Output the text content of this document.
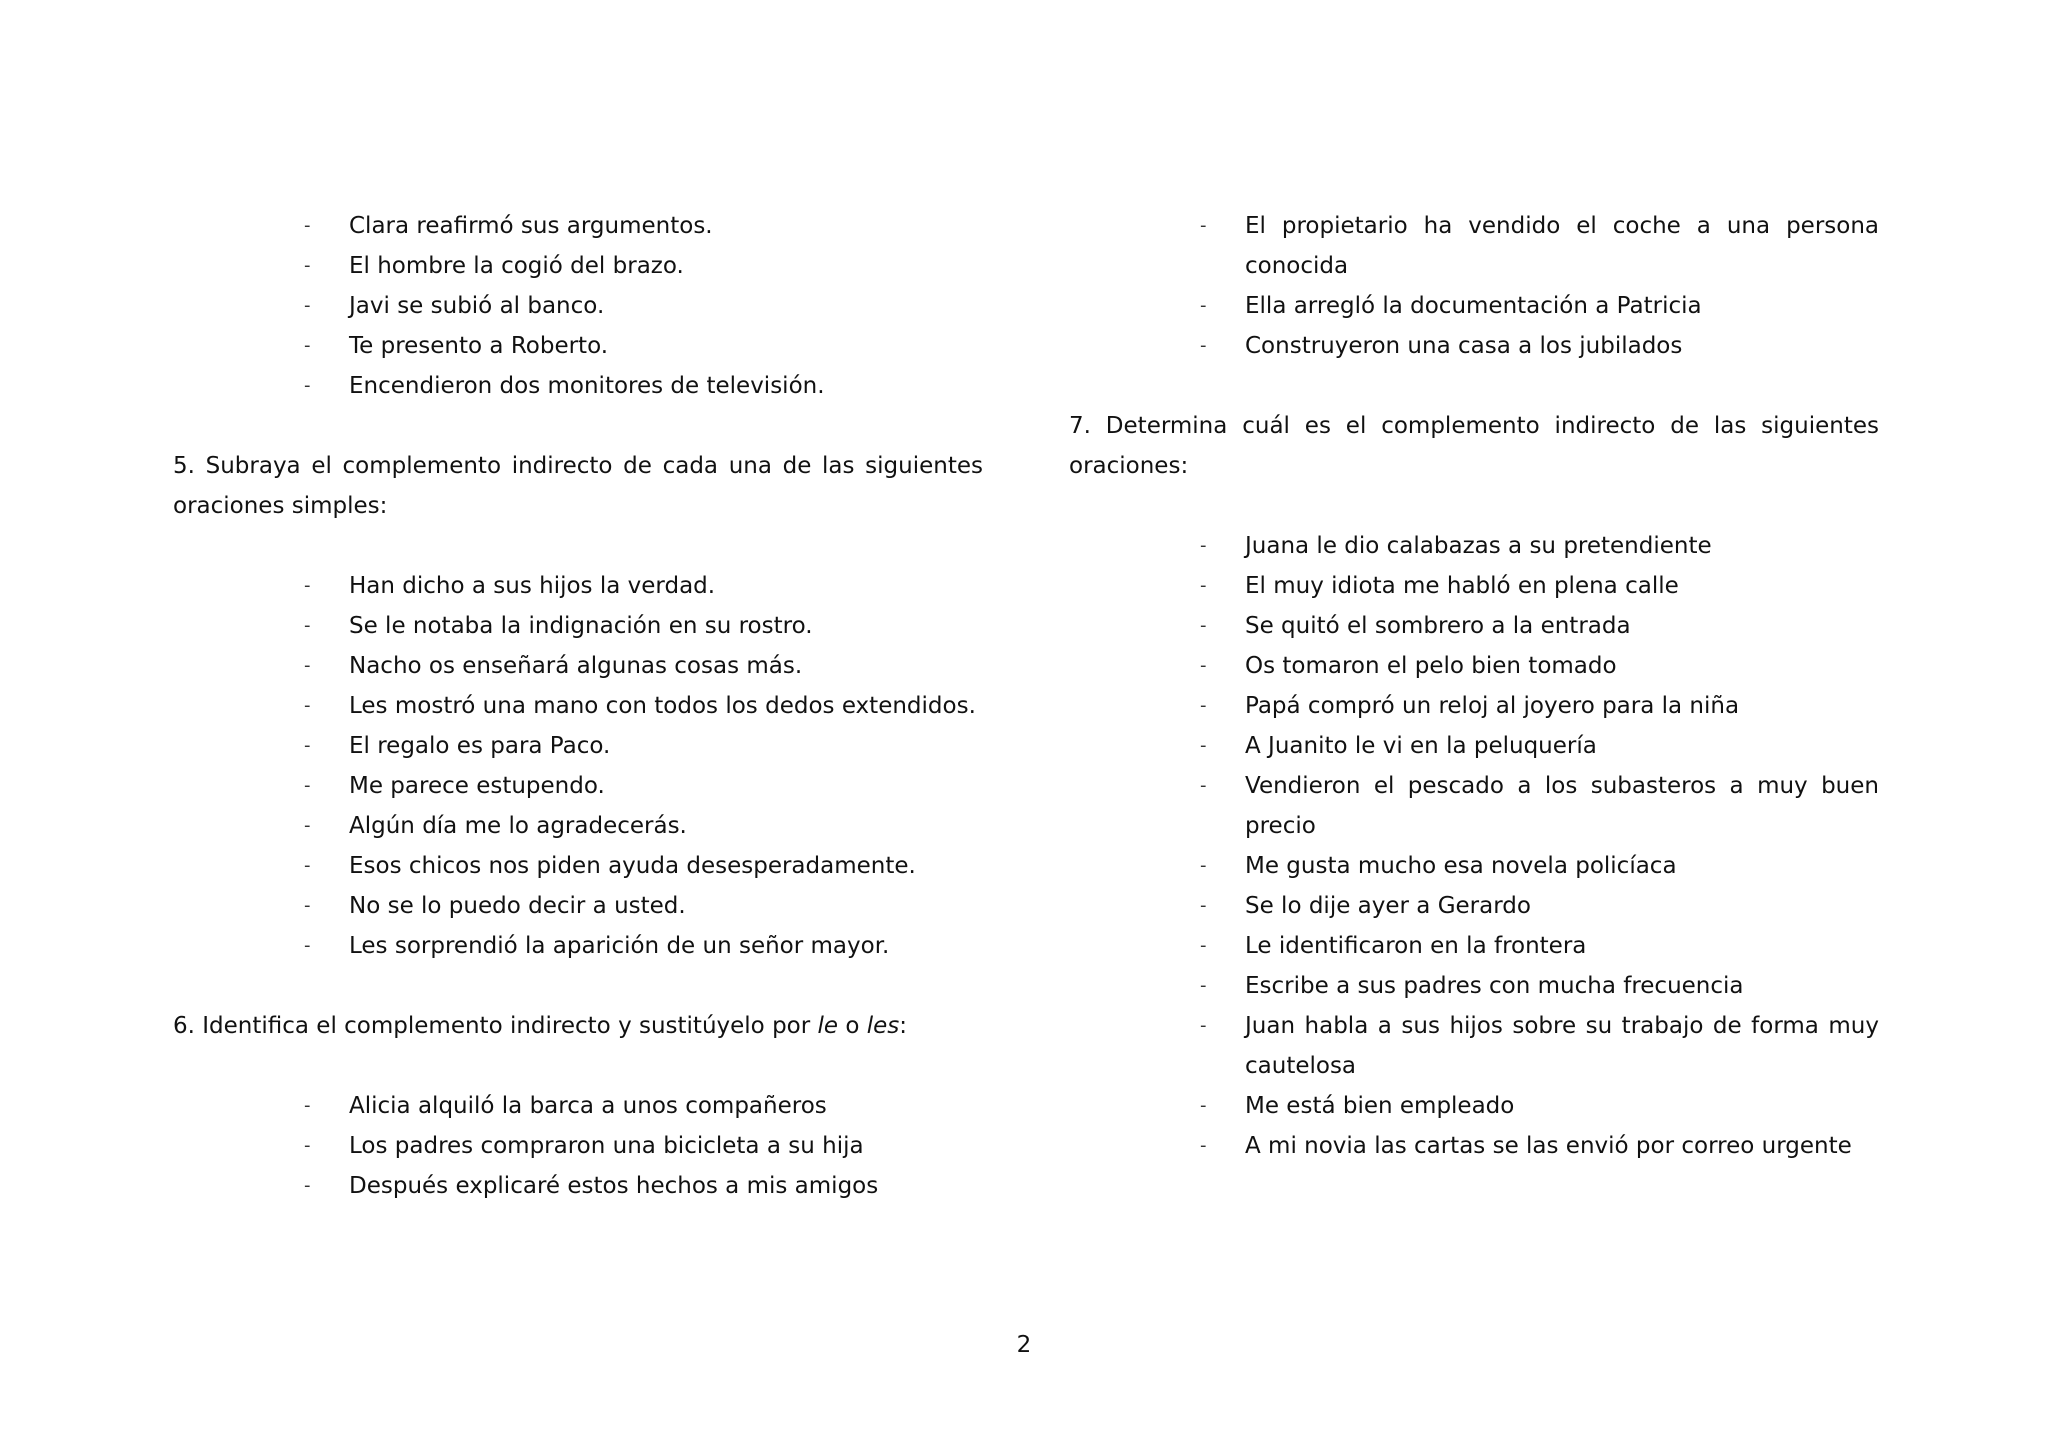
- Clara reafirmó sus argumentos.
- El hombre la cogió del brazo.
- Javi se subió al banco.
- Te presento a Roberto.
- Encendieron dos monitores de televisión.

5. Subraya el complemento indirecto de cada una de las siguientes
oraciones simples:

- Han dicho a sus hijos la verdad.
- Se le notaba la indignación en su rostro.
- Nacho os enseñará algunas cosas más.
- Les mostró una mano con todos los dedos extendidos.
- El regalo es para Paco.
- Me parece estupendo.
- Algún día me lo agradecerás.
- Esos chicos nos piden ayuda desesperadamente.
- No se lo puedo decir a usted.
- Les sorprendió la aparición de un señor mayor.

6. Identifica el complemento indirecto y sustitúyelo por le o les:

- Alicia alquiló la barca a unos compañeros
- Los padres compraron una bicicleta a su hija
- Después explicaré estos hechos a mis amigos
- El propietario ha vendido el coche a una persona conocida
- Ella arregló la documentación a Patricia
- Construyeron una casa a los jubilados

7. Determina cuál es el complemento indirecto de las siguientes
oraciones:

- Juana le dio calabazas a su pretendiente
- El muy idiota me habló en plena calle
- Se quitó el sombrero a la entrada
- Os tomaron el pelo bien tomado
- Papá compró un reloj al joyero para la niña
- A Juanito le vi en la peluquería
- Vendieron el pescado a los subasteros a muy buen precio
- Me gusta mucho esa novela policíaca
- Se lo dije ayer a Gerardo
- Le identificaron en la frontera
- Escribe a sus padres con mucha frecuencia
- Juan habla a sus hijos sobre su trabajo de forma muy cautelosa
- Me está bien empleado
- A mi novia las cartas se las envió por correo urgente
2
